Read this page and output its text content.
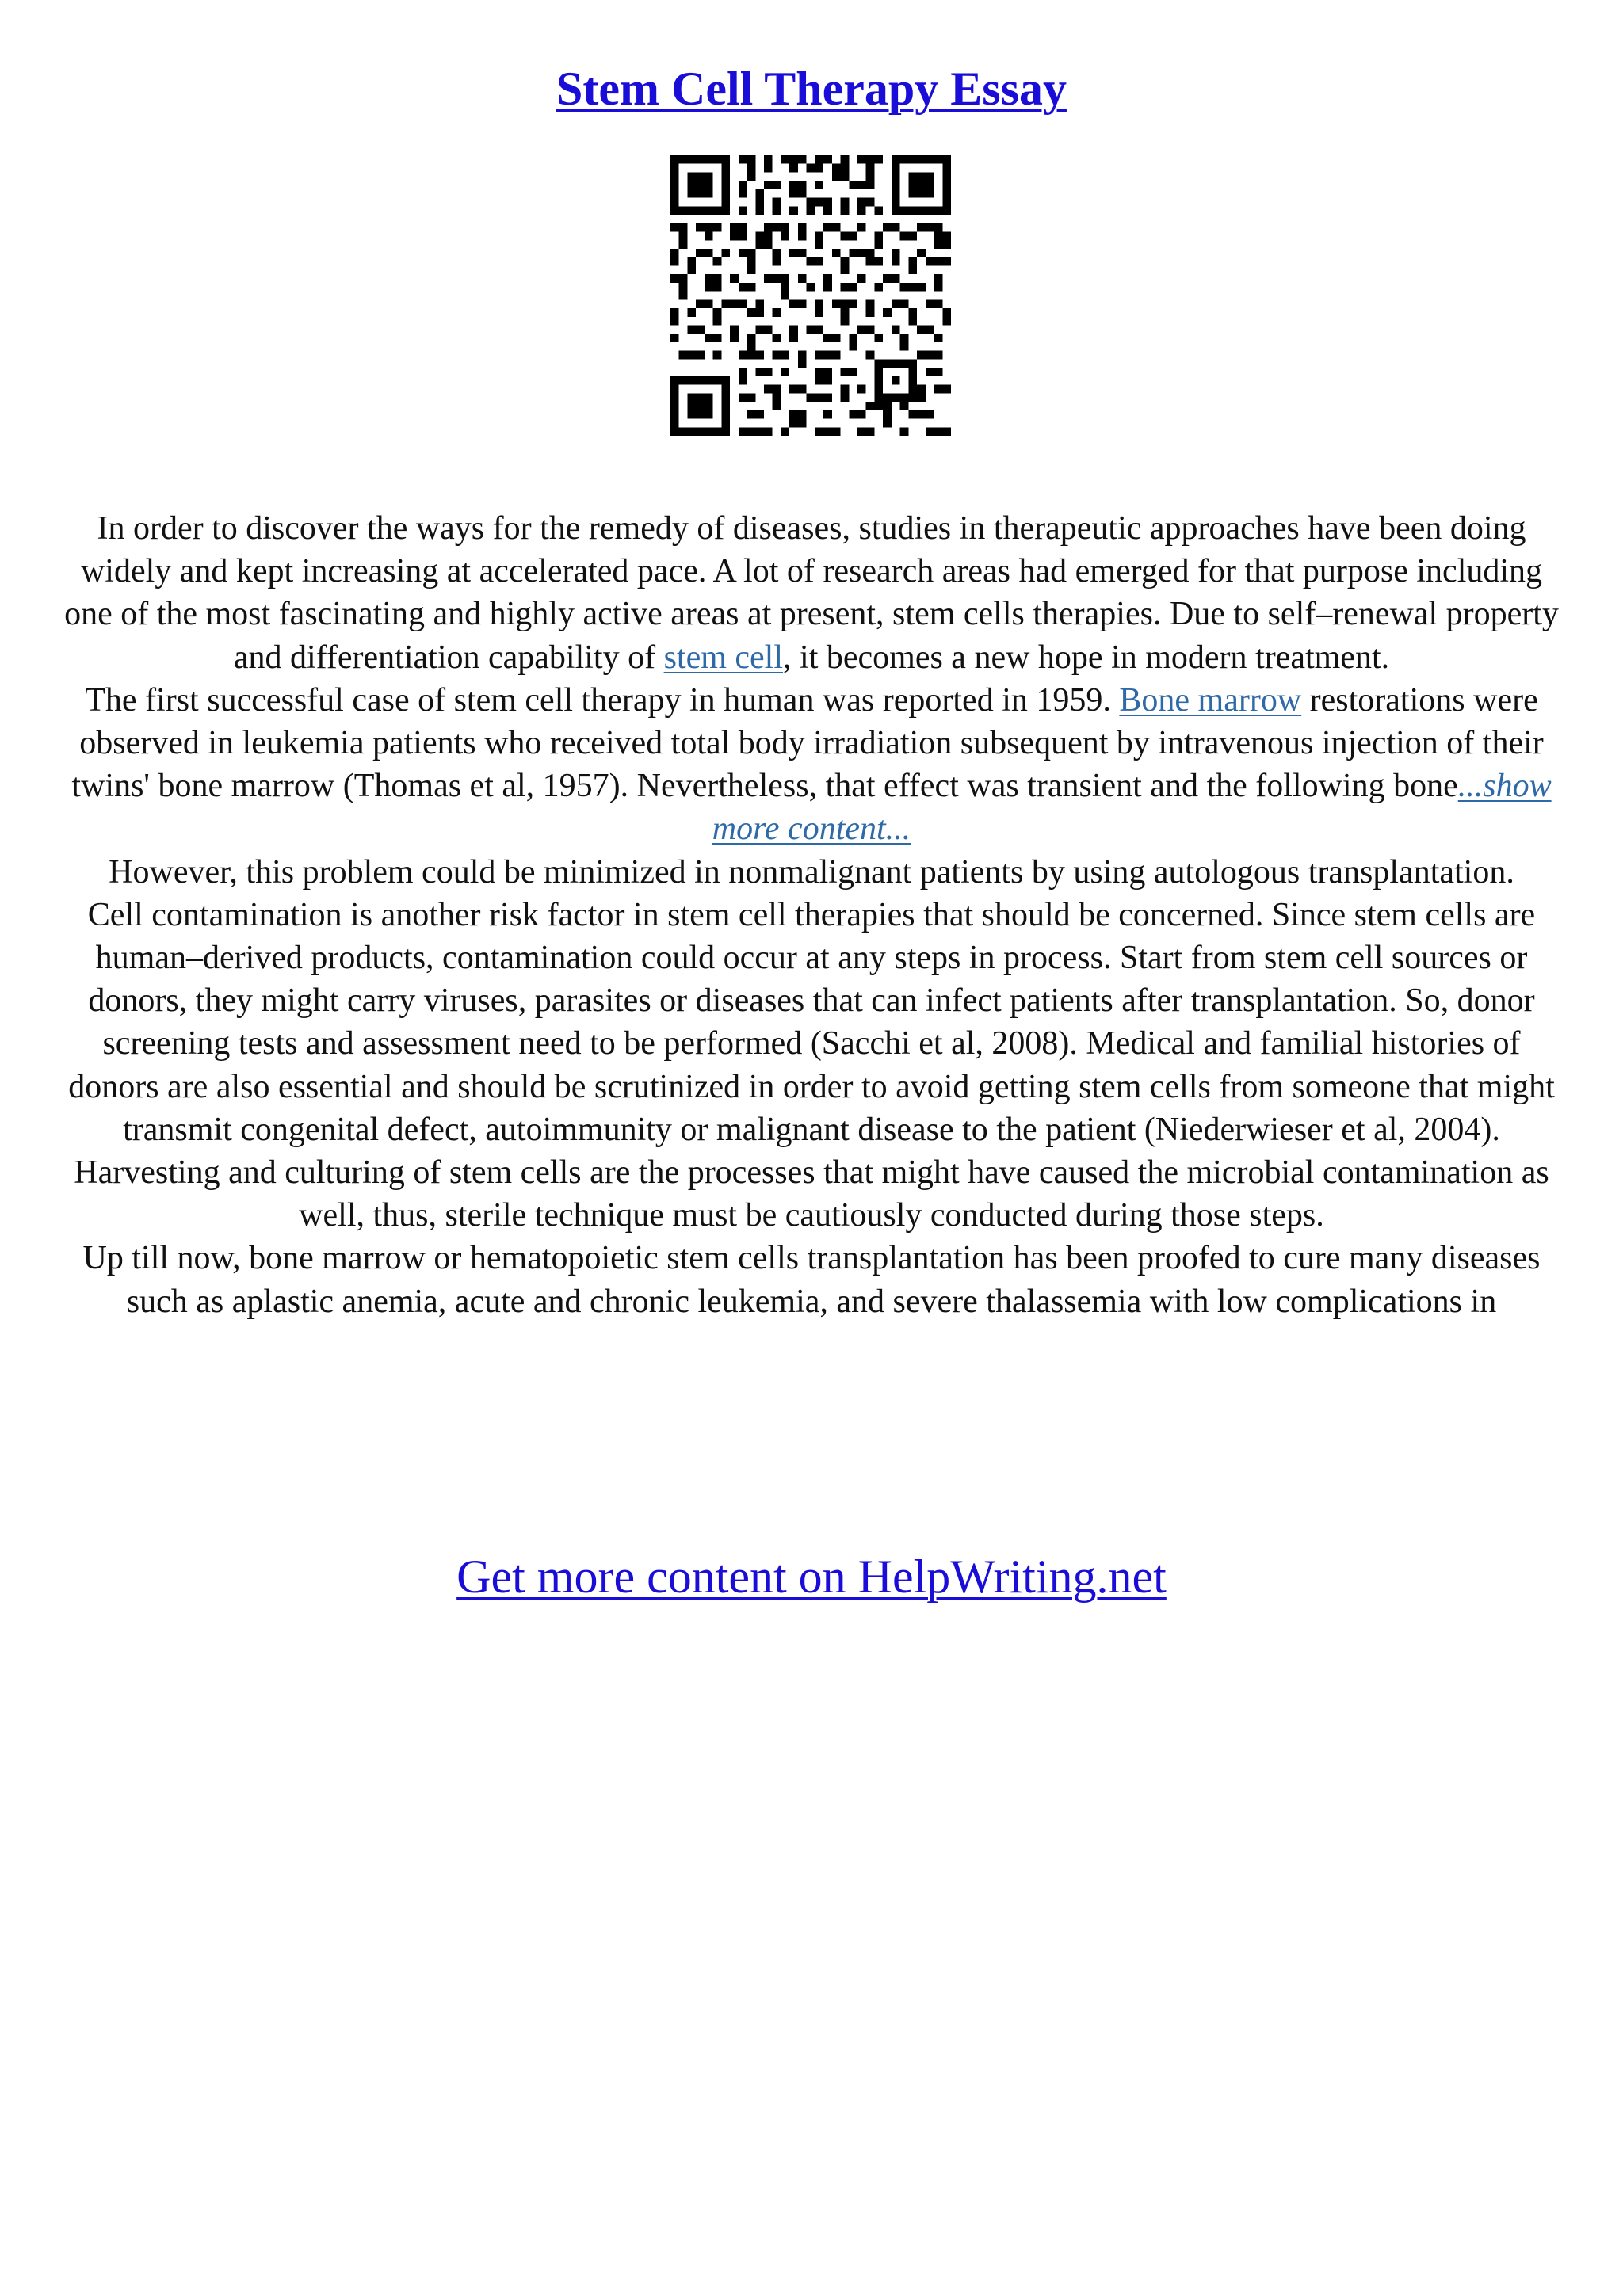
Stem Cell Therapy Essay

In order to discover the ways for the remedy of diseases, studies in therapeutic approaches have been doing widely and kept increasing at accelerated pace. A lot of research areas had emerged for that purpose including one of the most fascinating and highly active areas at present, stem cells therapies. Due to self–renewal property and differentiation capability of stem cell, it becomes a new hope in modern treatment.

The first successful case of stem cell therapy in human was reported in 1959. Bone marrow restorations were observed in leukemia patients who received total body irradiation subsequent by intravenous injection of their twins' bone marrow (Thomas et al, 1957). Nevertheless, that effect was transient and the following bone...show more content...

However, this problem could be minimized in nonmalignant patients by using autologous transplantation.

Cell contamination is another risk factor in stem cell therapies that should be concerned. Since stem cells are human–derived products, contamination could occur at any steps in process. Start from stem cell sources or donors, they might carry viruses, parasites or diseases that can infect patients after transplantation. So, donor screening tests and assessment need to be performed (Sacchi et al, 2008). Medical and familial histories of donors are also essential and should be scrutinized in order to avoid getting stem cells from someone that might transmit congenital defect, autoimmunity or malignant disease to the patient (Niederwieser et al, 2004). Harvesting and culturing of stem cells are the processes that might have caused the microbial contamination as well, thus, sterile technique must be cautiously conducted during those steps.

Up till now, bone marrow or hematopoietic stem cells transplantation has been proofed to cure many diseases such as aplastic anemia, acute and chronic leukemia, and severe thalassemia with low complications in

Get more content on HelpWriting.net
